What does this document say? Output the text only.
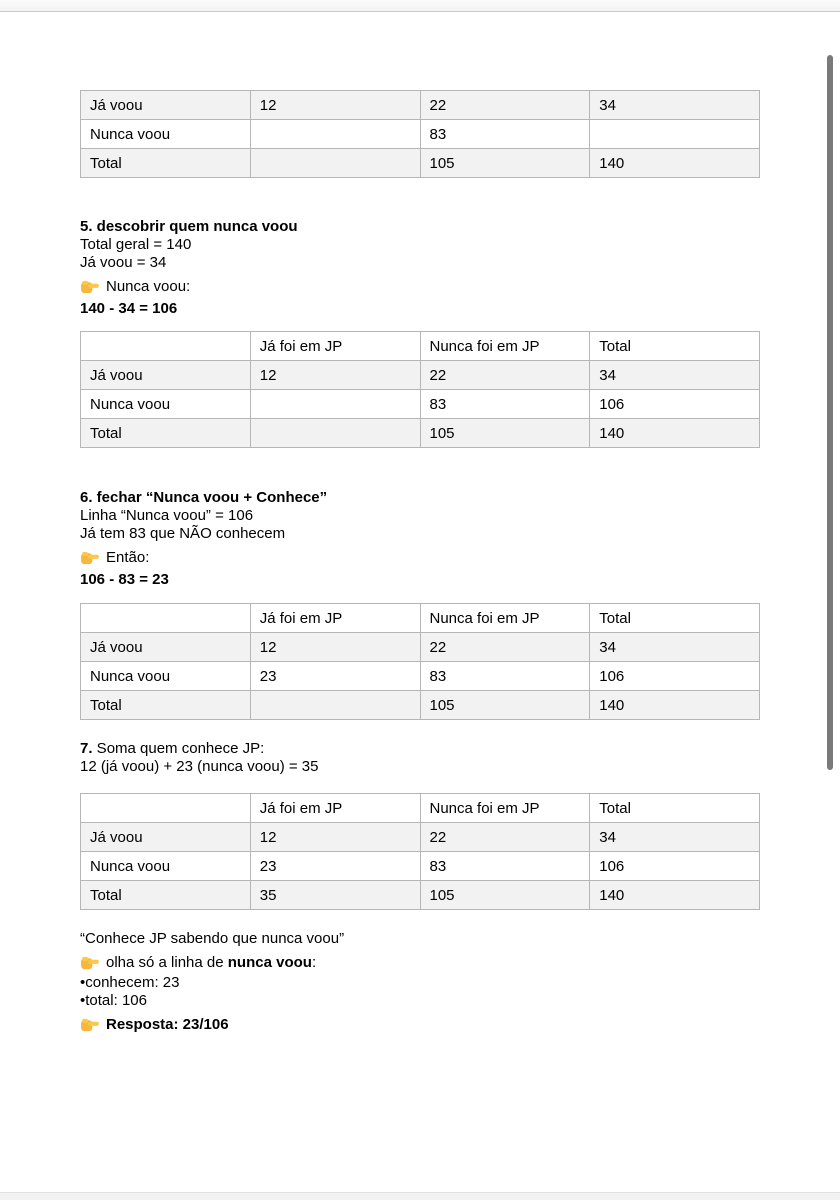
Já voou	12	22	34
Nunca voou		83	
Total		105	140

5. descobrir quem nunca voou

Total geral = 140

Já voou = 34

Nunca voou:

140 - 34 = 106

	Já foi em JP	Nunca foi em JP	Total
Já voou	12	22	34
Nunca voou		83	106
Total		105	140

6. fechar “Nunca voou + Conhece”

Linha “Nunca voou” = 106

Já tem 83 que NÃO conhecem

Então:

106 - 83 = 23

	Já foi em JP	Nunca foi em JP	Total
Já voou	12	22	34
Nunca voou	23	83	106
Total		105	140

7. Soma quem conhece JP:

12 (já voou) + 23 (nunca voou) = 35

	Já foi em JP	Nunca foi em JP	Total
Já voou	12	22	34
Nunca voou	23	83	106
Total	35	105	140

“Conhece JP sabendo que nunca voou”

olha só a linha de nunca voou:

•conhecem: 23

•total: 106

Resposta: 23/106
